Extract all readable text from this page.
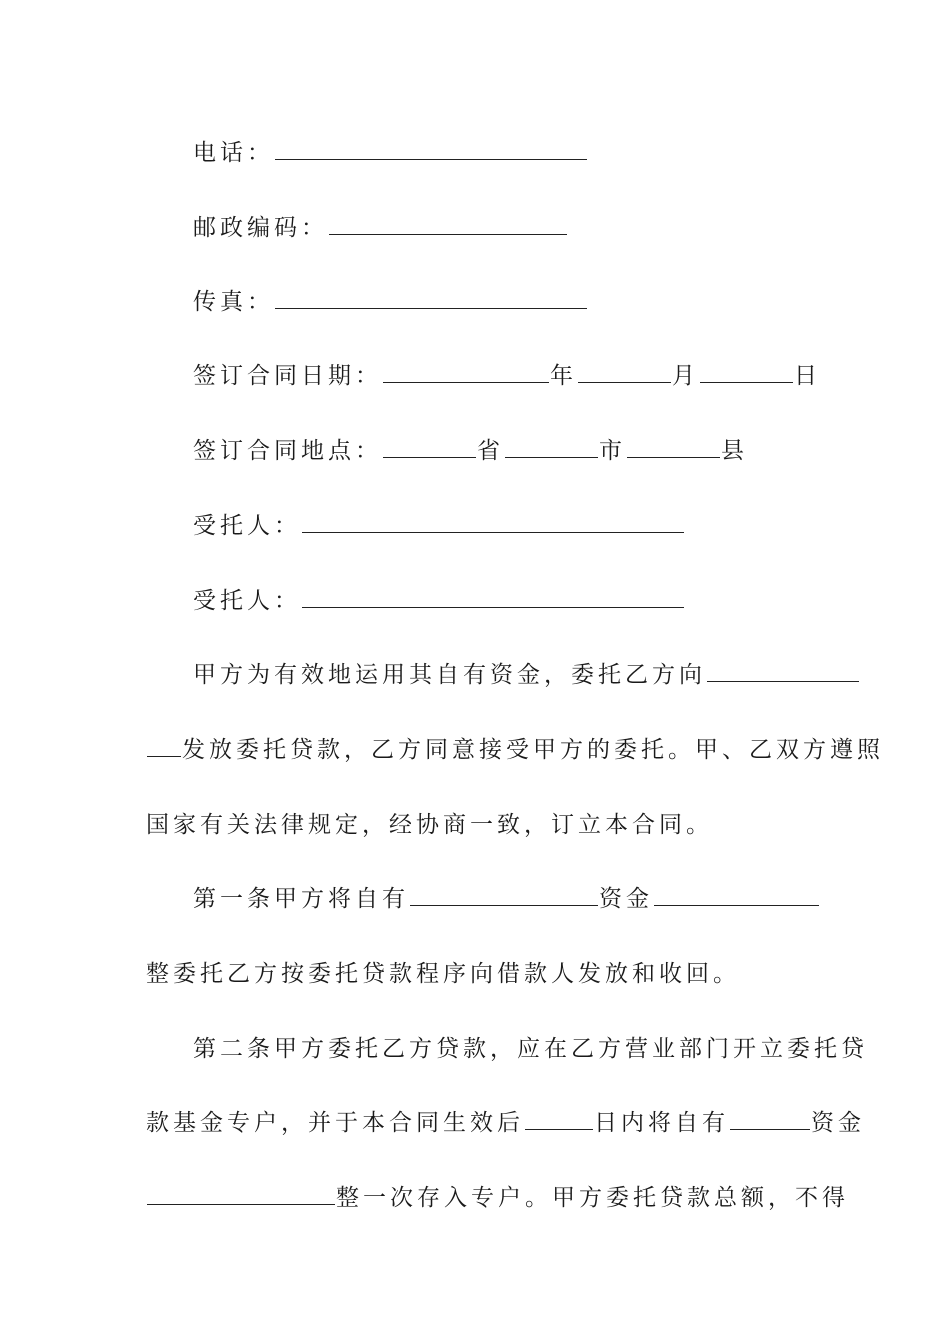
电话：
邮政编码：
传真：
签订合同日期：	年	月	日
签订合同地点：	省	市	县
受托人：
受托人：
甲方为有效地运用其自有资金，委托乙方向
发放委托贷款，乙方同意接受甲方的委托。甲、乙双方遵照
国家有关法律规定，经协商一致，订立本合同。
第一条甲方将自有	资金
整委托乙方按委托贷款程序向借款人发放和收回。
第二条甲方委托乙方贷款，应在乙方营业部门开立委托贷
款基金专户，并于本合同生效后	日内将自有	资金
整一次存入专户。甲方委托贷款总额，不得
